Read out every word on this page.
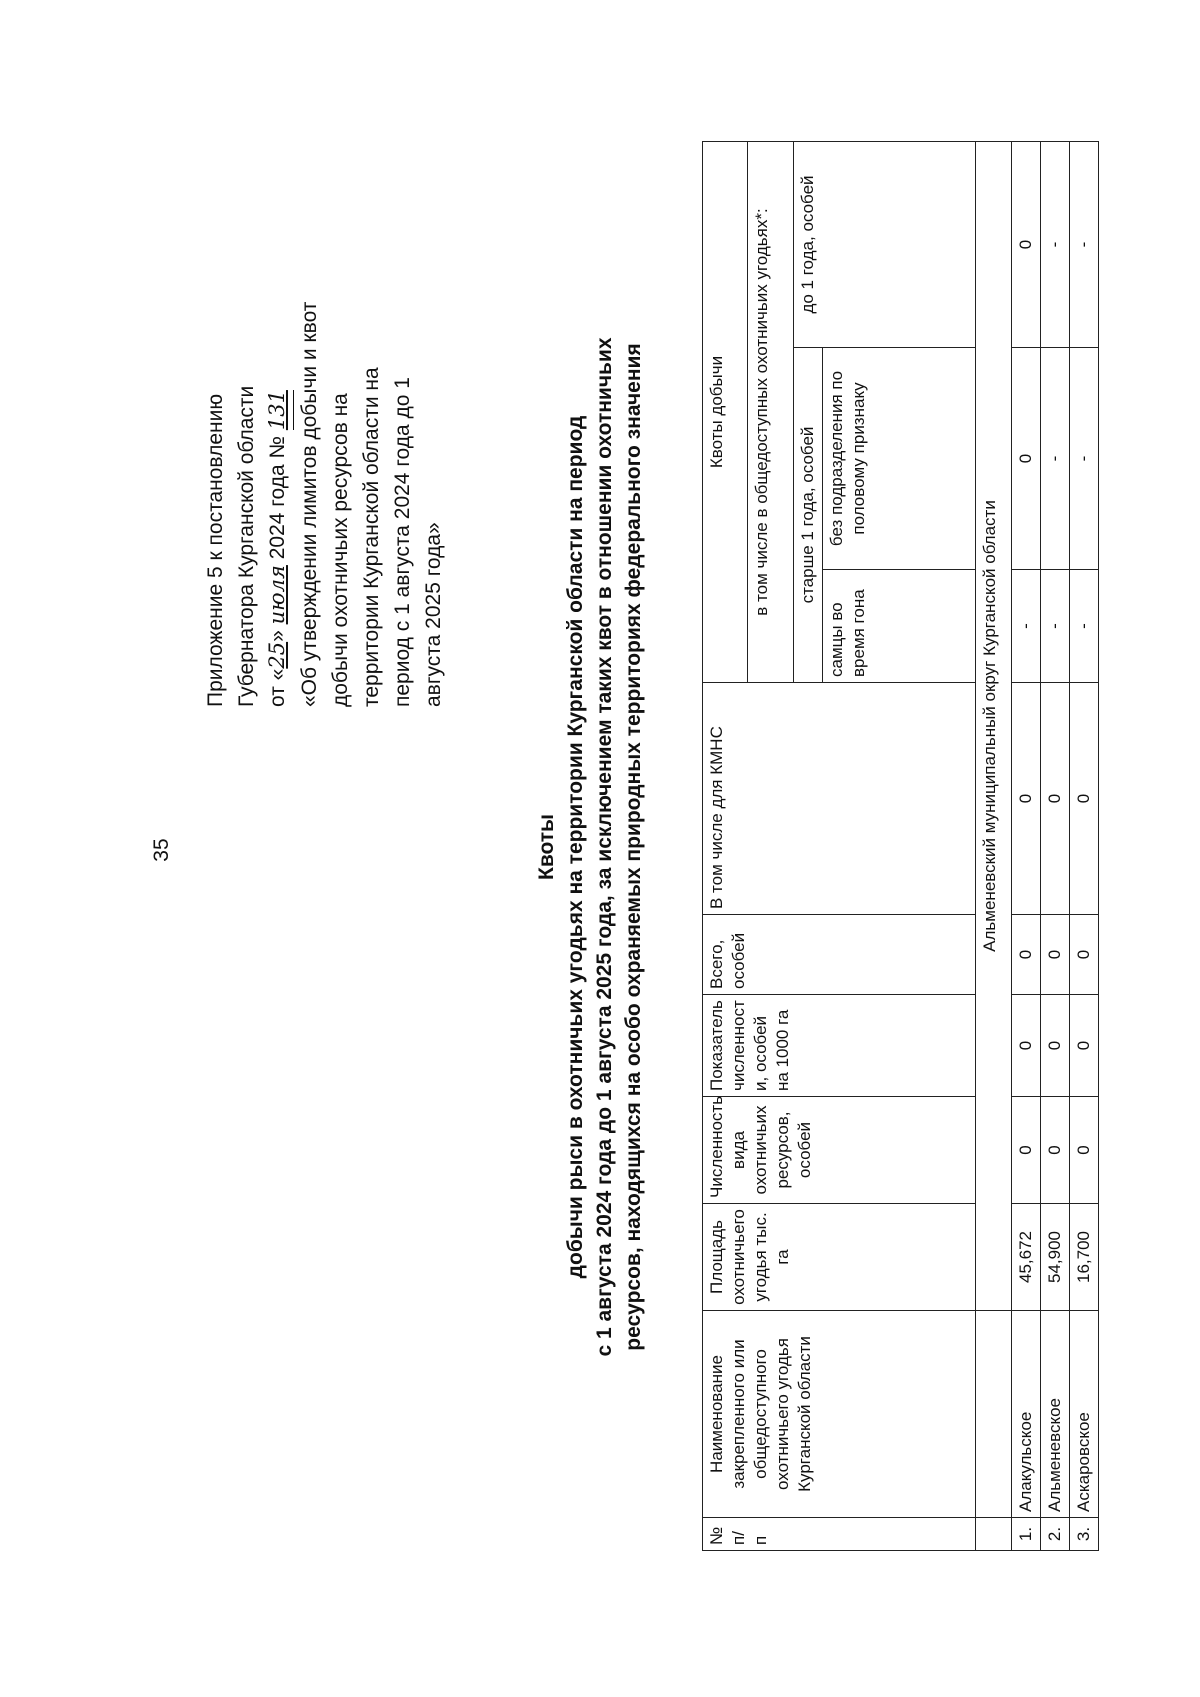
35
Приложение 5 к постановлению Губернатора Курганской области от «25» июля 2024 года № 131 «Об утверждении лимитов добычи и квот добычи охотничьих ресурсов на территории Курганской области на период с 1 августа 2024 года до 1 августа 2025 года»
Квоты добычи рыси в охотничьих угодьях на территории Курганской области на период с 1 августа 2024 года до 1 августа 2025 года, за исключением таких квот в отношении охотничьих ресурсов, находящихся на особо охраняемых природных территориях федерального значения
№ п/п	Наименование закрепленного или общедоступного охотничьего угодья Курганской области	Площадь охотничьего угодья тыс. га	Численность вида охотничьих ресурсов, особей	Показатель численност и, особей на 1000 га	Всего, особей	В том числе для КМНС	Квоты добычи		
							в том числе в общедоступных охотничьих угодьях*:		
							старше 1 года, особей		до 1 года, особей
							самцы во время гона	без подразделения по половому признаку	
		Альменевский муниципальный округ Курганской области							
1.	Алакульское	45,672	0	0	0	0	-	0	0
2.	Альменевское	54,900	0	0	0	0	-	-	-
3.	Аскаровское	16,700	0	0	0	0	-	-	-
